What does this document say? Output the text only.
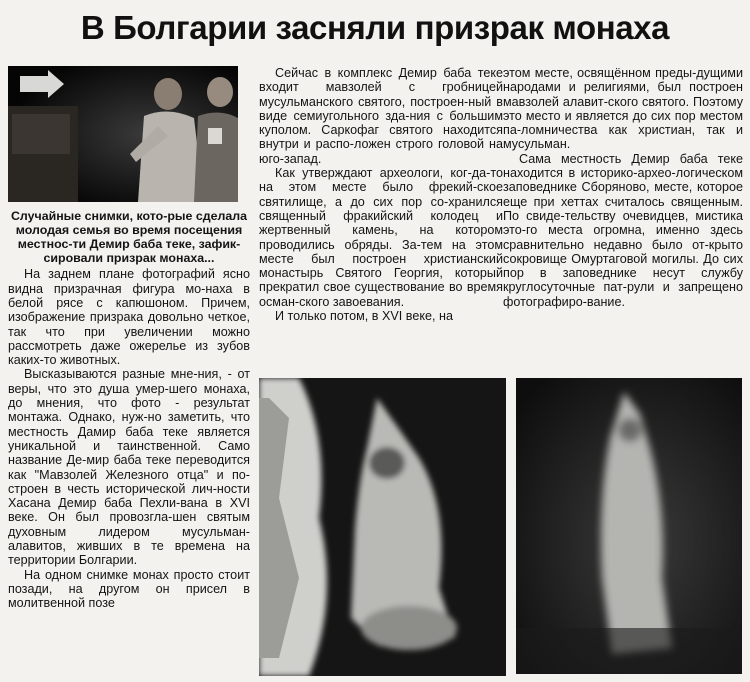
В Болгарии засняли призрак монаха

Случайные снимки, кото-рые сделала молодая семья во время посещения местнос-ти Демир баба теке, зафик-сировали призрак монаха...

На заднем плане фотографий ясно видна призрачная фигура мо-наха в белой рясе с капюшоном. Причем, изображение призрака довольно четкое, так что при увеличении можно рассмотреть даже ожерелье из зубов каких-то животных.

Высказываются разные мне-ния, - от веры, что это душа умер-шего монаха, до мнения, что фото - результат монтажа. Однако, нуж-но заметить, что местность Дамир баба теке является уникальной и таинственной. Само название Де-мир баба теке переводится как "Мавзолей Железного отца" и по-строен в честь исторической лич-ности Хасана Демир баба Пехли-вана в XVI веке. Он был провозгла-шен святым духовным лидером мусульман-алавитов, живших в те времена на территории Болгарии.

На одном снимке монах просто стоит позади, на другом он присел в молитвенной позе

Сейчас в комплекс Демир баба теке входит мавзолей с гробницей мусульманского святого, построен-ный в виде семиугольного зда-ния с большим куполом. Саркофаг святого находится внутри и распо-ложен строго головой на юго-запад.

Как утверждают археологи, ког-да-то на этом месте было фрекий-ское святилище, а до сих пор со-хранился священный фракийский колодец и жертвенный камень, на котором проводились обряды. За-тем на этом месте был построен христианский монастырь Святого Георгия, который прекратил свое существование во время осман-ского завоевания.

И только потом, в XVI веке, на

этом месте, освящённом преды-дущими народами и религиями, был построен мавзолей алавит-ского святого. Поэтому это место и является до сих пор местом па-ломничества как христиан, так и мусульман.

Сама местность Демир баба теке находится в историко-архео-логическом заповеднике Сборяново, месте, которое еще при хеттах считалось священным. По свиде-тельству очевидцев, мистика это-го места огромна, именно здесь сравнительно недавно было от-крыто сокровище Омуртаговой могилы. До сих пор в заповеднике несут службу круглосуточные пат-рули и запрещено фотографиро-вание.
